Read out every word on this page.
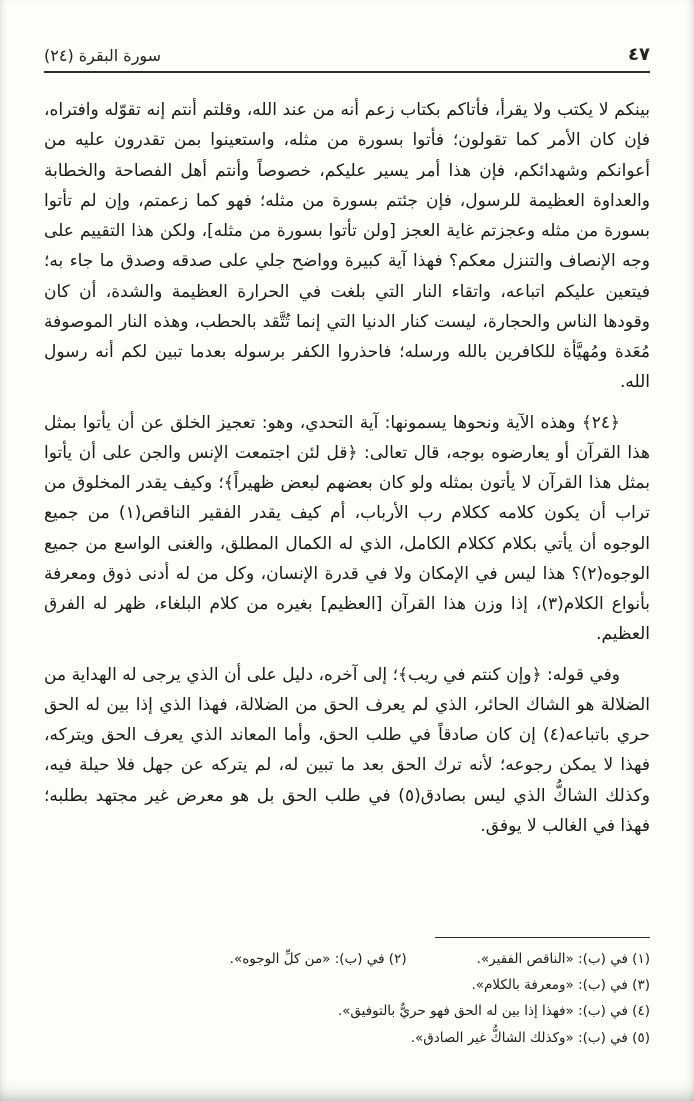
٤٧
سورة البقرة (٢٤)

بينكم لا يكتب ولا يقرأ، فأتاكم بكتاب زعم أنه من عند الله، وقلتم أنتم إنه تقوّله وافتراه، فإن كان الأمر كما تقولون؛ فأتوا بسورة من مثله، واستعينوا بمن تقدرون عليه من أعوانكم وشهدائكم، فإن هذا أمر يسير عليكم، خصوصاً وأنتم أهل الفصاحة والخطابة والعداوة العظيمة للرسول، فإن جئتم بسورة من مثله؛ فهو كما زعمتم، وإن لم تأتوا بسورة من مثله وعجزتم غاية العجز [ولن تأتوا بسورة من مثله]، ولكن هذا التقييم على وجه الإنصاف والتنزل معكم؟ فهذا آية كبيرة وواضح جلي على صدقه وصدق ما جاء به؛ فيتعين عليكم اتباعه، واتقاء النار التي بلغت في الحرارة العظيمة والشدة، أن كان وقودها الناس والحجارة، ليست كنار الدنيا التي إنما تُتَّقد بالحطب، وهذه النار الموصوفة مُعَدة ومُهيَّأة للكافرين بالله ورسله؛ فاحذروا الكفر برسوله بعدما تبين لكم أنه رسول الله.

﴿٢٤﴾ وهذه الآية ونحوها يسمونها: آية التحدي، وهو: تعجيز الخلق عن أن يأتوا بمثل هذا القرآن أو يعارضوه بوجه، قال تعالى: ﴿قل لئن اجتمعت الإنس والجن على أن يأتوا بمثل هذا القرآن لا يأتون بمثله ولو كان بعضهم لبعض ظهيراً﴾؛ وكيف يقدر المخلوق من تراب أن يكون كلامه ككلام رب الأرباب، أم كيف يقدر الفقير الناقص(١) من جميع الوجوه أن يأتي بكلام ككلام الكامل، الذي له الكمال المطلق، والغنى الواسع من جميع الوجوه(٢)؟ هذا ليس في الإمكان ولا في قدرة الإنسان، وكل من له أدنى ذوق ومعرفة بأنواع الكلام(٣)، إذا وزن هذا القرآن [العظيم] بغيره من كلام البلغاء، ظهر له الفرق العظيم.

وفي قوله: ﴿وإن كنتم في ريب﴾؛ إلى آخره، دليل على أن الذي يرجى له الهداية من الضلالة هو الشاك الحائر، الذي لم يعرف الحق من الضلالة، فهذا الذي إذا بين له الحق حري باتباعه(٤) إن كان صادقاً في طلب الحق، وأما المعاند الذي يعرف الحق ويتركه، فهذا لا يمكن رجوعه؛ لأنه ترك الحق بعد ما تبين له، لم يتركه عن جهل فلا حيلة فيه، وكذلك الشاكُّ الذي ليس بصادق(٥) في طلب الحق بل هو معرض غير مجتهد بطلبه؛ فهذا في الغالب لا يوفق.

(١) في (ب): «الناقص الفقير».
(٢) في (ب): «من كلِّ الوجوه».
(٣) في (ب): «ومعرفة بالكلام».
(٤) في (ب): «فهذا إذا بين له الحق فهو حريٌّ بالتوفيق».
(٥) في (ب): «وكذلك الشاكُّ غير الصادق».
